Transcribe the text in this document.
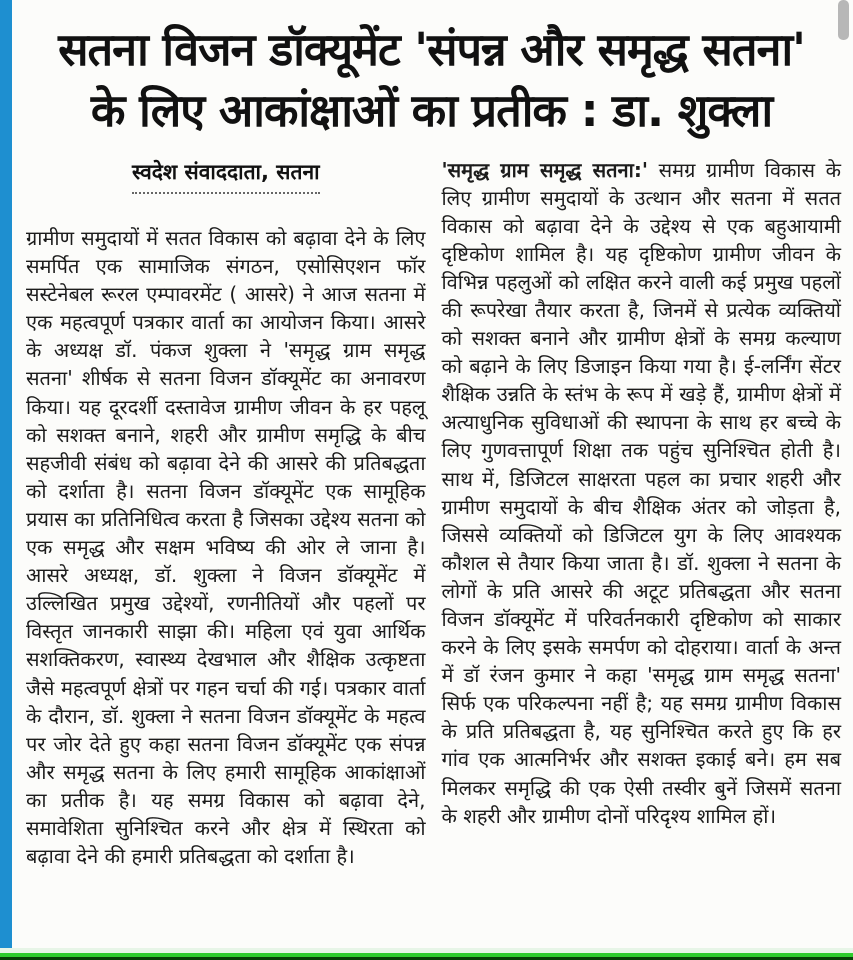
सतना विजन डॉक्यूमेंट 'संपन्न और समृद्ध सतना'
के लिए आकांक्षाओं का प्रतीक : डा. शुक्ला
स्वदेश संवाददाता, सतना

ग्रामीण समुदायों में सतत विकास को बढ़ावा देने के लिए समर्पित एक सामाजिक संगठन, एसोसिएशन फॉर सस्टेनेबल रूरल एम्पावरमेंट ( आसरे) ने आज सतना में एक महत्वपूर्ण पत्रकार वार्ता का आयोजन किया। आसरे के अध्यक्ष डॉ. पंकज शुक्ला ने 'समृद्ध ग्राम समृद्ध सतना' शीर्षक से सतना विजन डॉक्यूमेंट का अनावरण किया। यह दूरदर्शी दस्तावेज ग्रामीण जीवन के हर पहलू को सशक्त बनाने, शहरी और ग्रामीण समृद्धि के बीच सहजीवी संबंध को बढ़ावा देने की आसरे की प्रतिबद्धता को दर्शाता है। सतना विजन डॉक्यूमेंट एक सामूहिक प्रयास का प्रतिनिधित्व करता है जिसका उद्देश्य सतना को एक समृद्ध और सक्षम भविष्य की ओर ले जाना है। आसरे अध्यक्ष, डॉ. शुक्ला ने विजन डॉक्यूमेंट में उल्लिखित प्रमुख उद्देश्यों, रणनीतियों और पहलों पर विस्तृत जानकारी साझा की। महिला एवं युवा आर्थिक सशक्तिकरण, स्वास्थ्य देखभाल और शैक्षिक उत्कृष्टता जैसे महत्वपूर्ण क्षेत्रों पर गहन चर्चा की गई। पत्रकार वार्ता के दौरान, डॉ. शुक्ला ने सतना विजन डॉक्यूमेंट के महत्व पर जोर देते हुए कहा सतना विजन डॉक्यूमेंट एक संपन्न और समृद्ध सतना के लिए हमारी सामूहिक आकांक्षाओं का प्रतीक है। यह समग्र विकास को बढ़ावा देने, समावेशिता सुनिश्चित करने और क्षेत्र में स्थिरता को बढ़ावा देने की हमारी प्रतिबद्धता को दर्शाता है।

'समृद्ध ग्राम समृद्ध सतना:' समग्र ग्रामीण विकास के लिए ग्रामीण समुदायों के उत्थान और सतना में सतत विकास को बढ़ावा देने के उद्देश्य से एक बहुआयामी दृष्टिकोण शामिल है। यह दृष्टिकोण ग्रामीण जीवन के विभिन्न पहलुओं को लक्षित करने वाली कई प्रमुख पहलों की रूपरेखा तैयार करता है, जिनमें से प्रत्येक व्यक्तियों को सशक्त बनाने और ग्रामीण क्षेत्रों के समग्र कल्याण को बढ़ाने के लिए डिजाइन किया गया है। ई-लर्निंग सेंटर शैक्षिक उन्नति के स्तंभ के रूप में खड़े हैं, ग्रामीण क्षेत्रों में अत्याधुनिक सुविधाओं की स्थापना के साथ हर बच्चे के लिए गुणवत्तापूर्ण शिक्षा तक पहुंच सुनिश्चित होती है। साथ में, डिजिटल साक्षरता पहल का प्रचार शहरी और ग्रामीण समुदायों के बीच शैक्षिक अंतर को जोड़ता है, जिससे व्यक्तियों को डिजिटल युग के लिए आवश्यक कौशल से तैयार किया जाता है। डॉ. शुक्ला ने सतना के लोगों के प्रति आसरे की अटूट प्रतिबद्धता और सतना विजन डॉक्यूमेंट में परिवर्तनकारी दृष्टिकोण को साकार करने के लिए इसके समर्पण को दोहराया। वार्ता के अन्त में डॉ रंजन कुमार ने कहा 'समृद्ध ग्राम समृद्ध सतना' सिर्फ एक परिकल्पना नहीं है; यह समग्र ग्रामीण विकास के प्रति प्रतिबद्धता है, यह सुनिश्चित करते हुए कि हर गांव एक आत्मनिर्भर और सशक्त इकाई बने। हम सब मिलकर समृद्धि की एक ऐसी तस्वीर बुनें जिसमें सतना के शहरी और ग्रामीण दोनों परिदृश्य शामिल हों।
